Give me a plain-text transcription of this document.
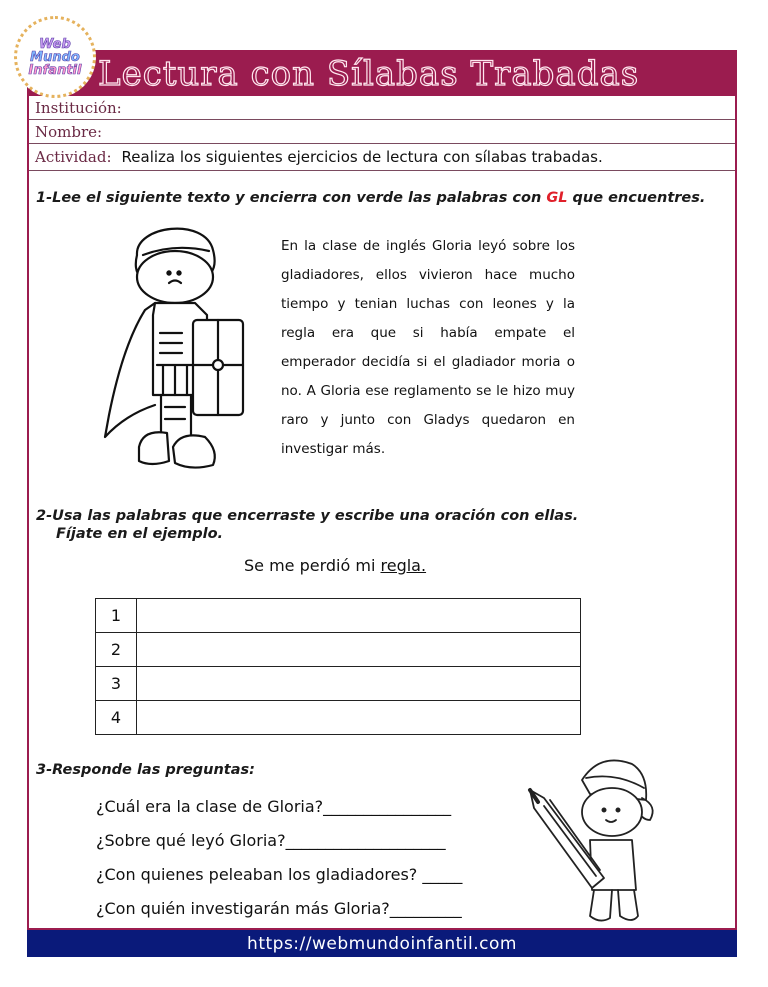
Lectura con Sílabas Trabadas
Web
Mundo
Infantil
Institución:
Nombre:
Actividad: Realiza los siguientes ejercicios de lectura con sílabas trabadas.
1-Lee el siguiente texto y encierra con verde las palabras con GL que encuentres.
En la clase de inglés Gloria leyó sobre los gladiadores, ellos vivieron hace mucho tiempo y tenian luchas con leones y la regla era que si había empate el emperador decidía si el gladiador moria o no. A Gloria ese reglamento se le hizo muy raro y junto con Gladys quedaron en investigar más.
2-Usa las palabras que encerraste y escribe una oración con ellas.
Fíjate en el ejemplo.
Se me perdió mi regla.
1	
2	
3	
4	
3-Responde las preguntas:
¿Cuál era la clase de Gloria?________________
¿Sobre qué leyó Gloria?____________________
¿Con quienes peleaban los gladiadores? _____
¿Con quién investigarán más Gloria?_________
https://webmundoinfantil.com
